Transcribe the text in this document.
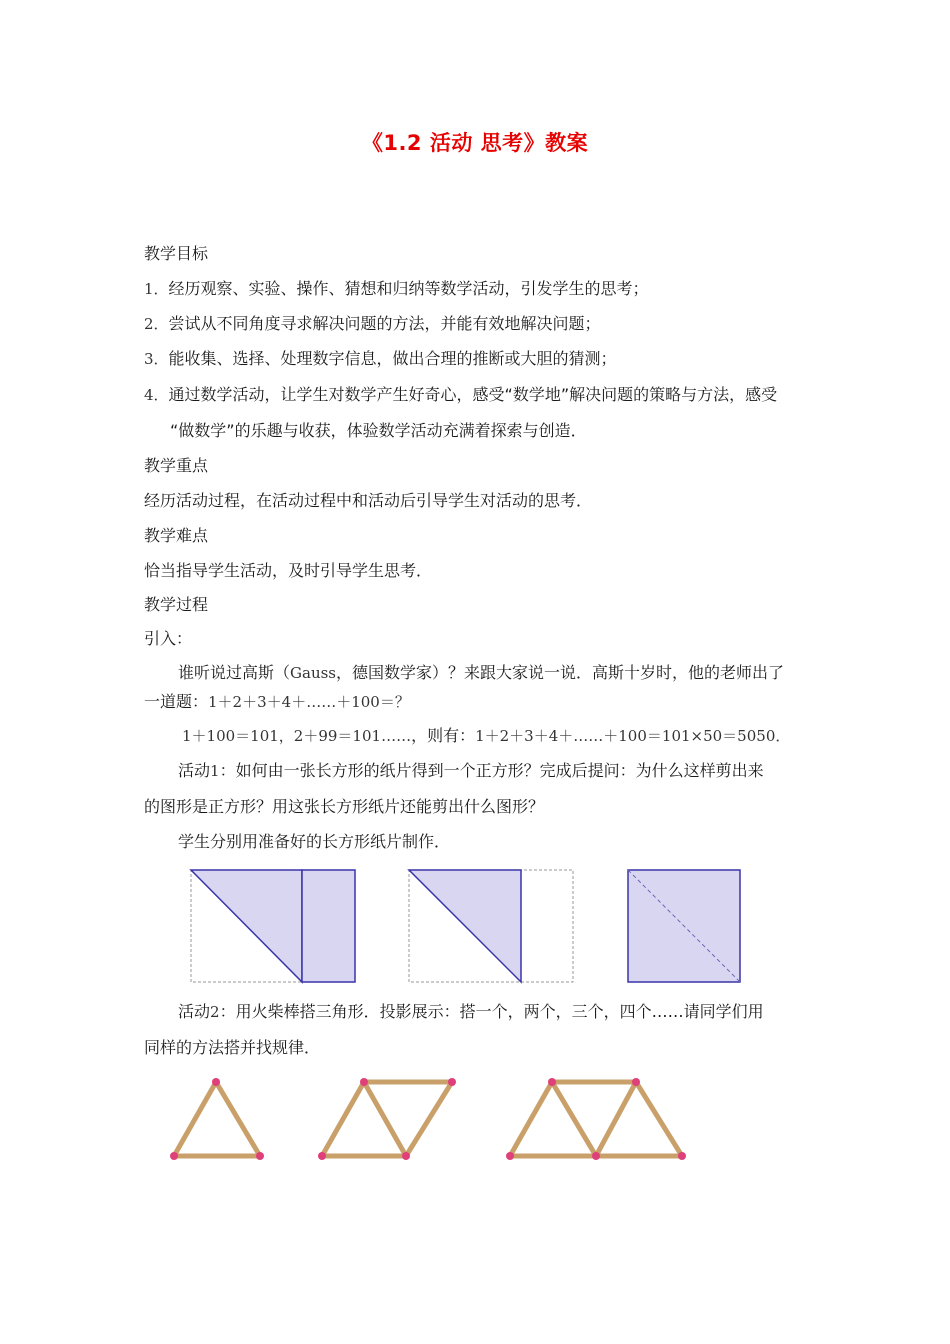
《1.2 活动 思考》教案
教学目标
1．经历观察、实验、操作、猜想和归纳等数学活动，引发学生的思考；
2．尝试从不同角度寻求解决问题的方法，并能有效地解决问题；
3．能收集、选择、处理数字信息，做出合理的推断或大胆的猜测；
4．通过数学活动，让学生对数学产生好奇心，感受“数学地”解决问题的策略与方法，感受
“做数学”的乐趣与收获，体验数学活动充满着探索与创造．
教学重点
经历活动过程，在活动过程中和活动后引导学生对活动的思考．
教学难点
恰当指导学生活动，及时引导学生思考．
教学过程
引入：
谁听说过高斯（Gauss，德国数学家）？来跟大家说一说．高斯十岁时，他的老师出了
一道题：1＋2＋3＋4＋……＋100＝？
1＋100＝101，2＋99＝101……，则有：1＋2＋3＋4＋……＋100＝101×50＝5050．
活动1：如何由一张长方形的纸片得到一个正方形？完成后提问：为什么这样剪出来
的图形是正方形？用这张长方形纸片还能剪出什么图形？
学生分别用准备好的长方形纸片制作．
活动2：用火柴棒搭三角形．投影展示：搭一个，两个，三个，四个……请同学们用
同样的方法搭并找规律．
